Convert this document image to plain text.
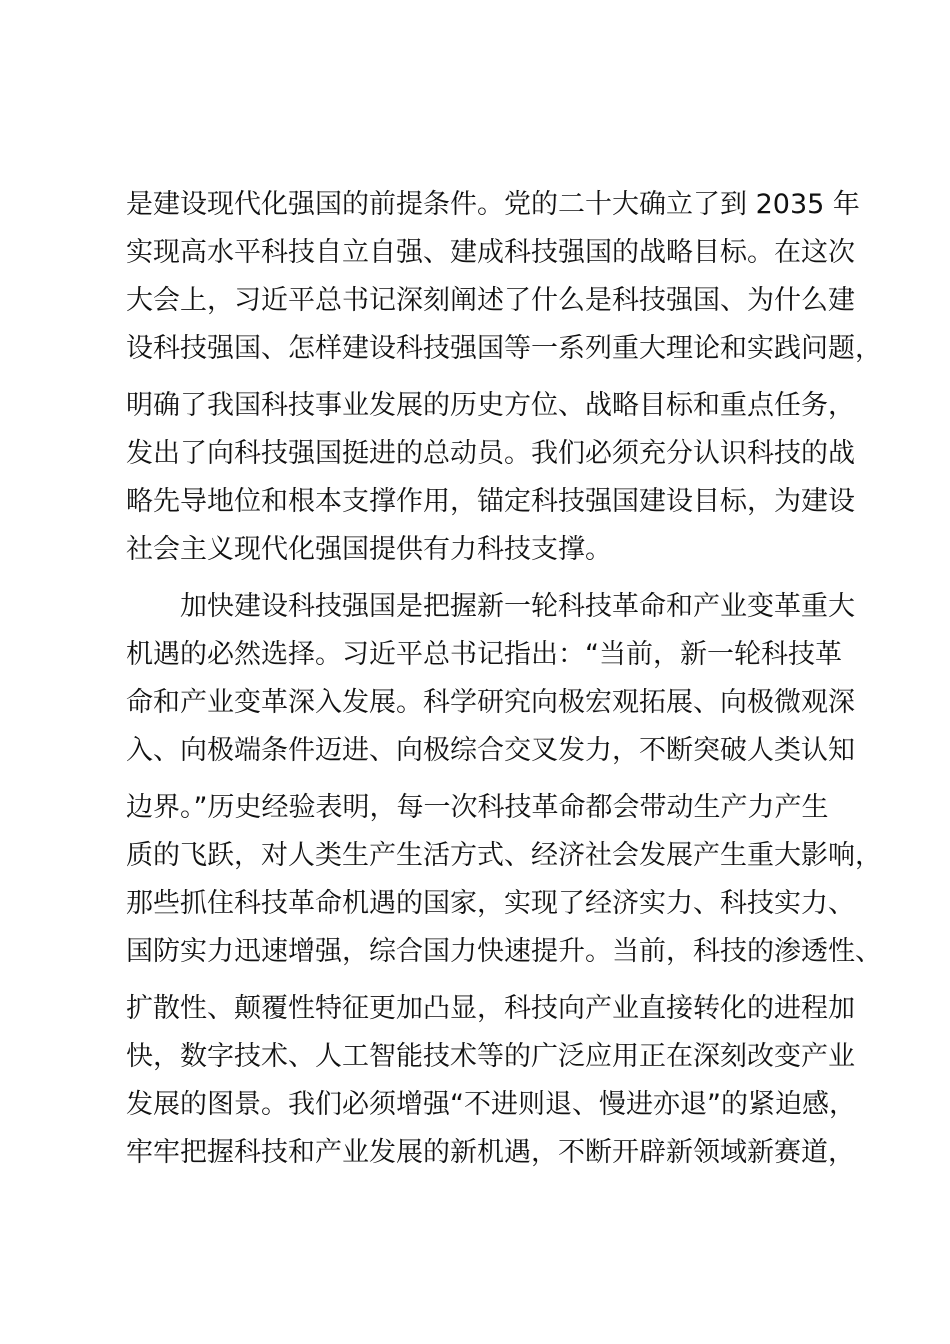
是建设现代化强国的前提条件。党的二十大确立了到 2035 年

实现高水平科技自立自强、建成科技强国的战略目标。在这次

大会上，习近平总书记深刻阐述了什么是科技强国、为什么建

设科技强国、怎样建设科技强国等一系列重大理论和实践问题，

明确了我国科技事业发展的历史方位、战略目标和重点任务，

发出了向科技强国挺进的总动员。我们必须充分认识科技的战

略先导地位和根本支撑作用，锚定科技强国建设目标，为建设

社会主义现代化强国提供有力科技支撑。

加快建设科技强国是把握新一轮科技革命和产业变革重大

机遇的必然选择。习近平总书记指出：“当前，新一轮科技革

命和产业变革深入发展。科学研究向极宏观拓展、向极微观深

入、向极端条件迈进、向极综合交叉发力，不断突破人类认知

边界。”历史经验表明，每一次科技革命都会带动生产力产生

质的飞跃，对人类生产生活方式、经济社会发展产生重大影响，

那些抓住科技革命机遇的国家，实现了经济实力、科技实力、

国防实力迅速增强，综合国力快速提升。当前，科技的渗透性、

扩散性、颠覆性特征更加凸显，科技向产业直接转化的进程加

快，数字技术、人工智能技术等的广泛应用正在深刻改变产业

发展的图景。我们必须增强“不进则退、慢进亦退”的紧迫感，

牢牢把握科技和产业发展的新机遇，不断开辟新领域新赛道，
